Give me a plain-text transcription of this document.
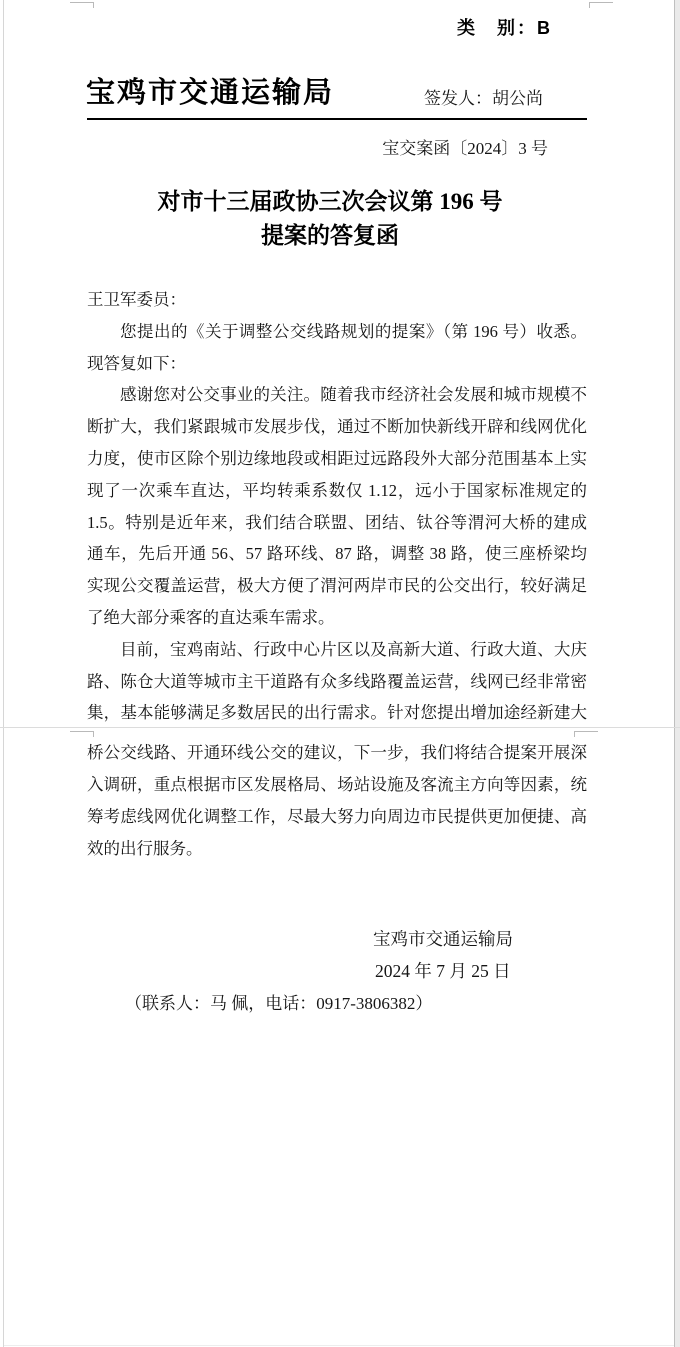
类　别：B
宝鸡市交通运输局	签发人：胡公尚
宝交案函〔2024〕3 号
对市十三届政协三次会议第 196 号
提案的答复函
王卫军委员：
您提出的《关于调整公交线路规划的提案》（第 196 号）收悉。
现答复如下：
感谢您对公交事业的关注。随着我市经济社会发展和城市规模不
断扩大，我们紧跟城市发展步伐，通过不断加快新线开辟和线网优化
力度，使市区除个别边缘地段或相距过远路段外大部分范围基本上实
现了一次乘车直达，平均转乘系数仅 1.12，远小于国家标准规定的
1.5。特别是近年来，我们结合联盟、团结、钛谷等渭河大桥的建成
通车，先后开通 56、57 路环线、87 路，调整 38 路，使三座桥梁均
实现公交覆盖运营，极大方便了渭河两岸市民的公交出行，较好满足
了绝大部分乘客的直达乘车需求。
目前，宝鸡南站、行政中心片区以及高新大道、行政大道、大庆
路、陈仓大道等城市主干道路有众多线路覆盖运营，线网已经非常密
集，基本能够满足多数居民的出行需求。针对您提出增加途经新建大
桥公交线路、开通环线公交的建议，下一步，我们将结合提案开展深
入调研，重点根据市区发展格局、场站设施及客流主方向等因素，统
筹考虑线网优化调整工作，尽最大努力向周边市民提供更加便捷、高
效的出行服务。
宝鸡市交通运输局
2024 年 7 月 25 日
（联系人：马 佩，电话：0917-3806382）
